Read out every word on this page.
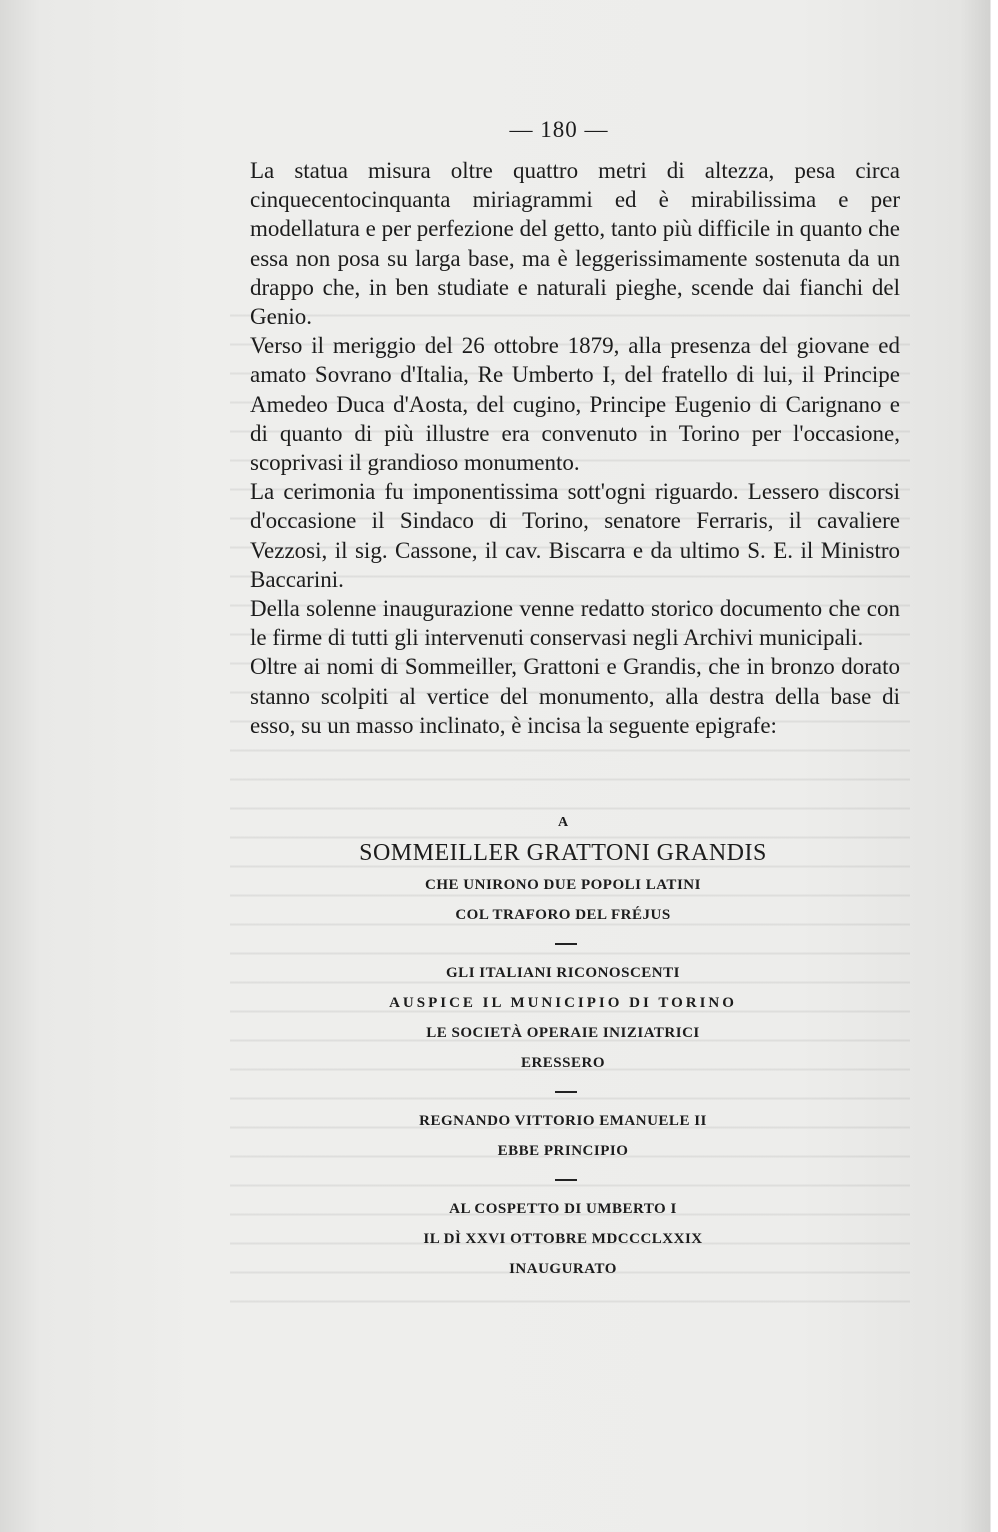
— 180 —

La statua misura oltre quattro metri di altezza, pesa circa cinquecentocinquanta miriagrammi ed è mirabilissima e per modellatura e per perfezione del getto, tanto più difficile in quanto che essa non posa su larga base, ma è leggerissimamente sostenuta da un drappo che, in ben studiate e naturali pieghe, scende dai fianchi del Genio.

Verso il meriggio del 26 ottobre 1879, alla presenza del giovane ed amato Sovrano d'Italia, Re Umberto I, del fratello di lui, il Principe Amedeo Duca d'Aosta, del cugino, Principe Eugenio di Carignano e di quanto di più illustre era convenuto in Torino per l'occasione, scoprivasi il grandioso monumento.

La cerimonia fu imponentissima sott'ogni riguardo. Lessero discorsi d'occasione il Sindaco di Torino, senatore Ferraris, il cavaliere Vezzosi, il sig. Cassone, il cav. Biscarra e da ultimo S. E. il Ministro Baccarini.

Della solenne inaugurazione venne redatto storico documento che con le firme di tutti gli intervenuti conservasi negli Archivi municipali.

Oltre ai nomi di Sommeiller, Grattoni e Grandis, che in bronzo dorato stanno scolpiti al vertice del monumento, alla destra della base di esso, su un masso inclinato, è incisa la seguente epigrafe:

A
SOMMEILLER GRATTONI GRANDIS
CHE UNIRONO DUE POPOLI LATINI
COL TRAFORO DEL FRÉJUS
GLI ITALIANI RICONOSCENTI
AUSPICE IL MUNICIPIO DI TORINO
LE SOCIETÀ OPERAIE INIZIATRICI
ERESSERO
REGNANDO VITTORIO EMANUELE II
EBBE PRINCIPIO
AL COSPETTO DI UMBERTO I
IL DÌ XXVI OTTOBRE MDCCCLXXIX
INAUGURATO
